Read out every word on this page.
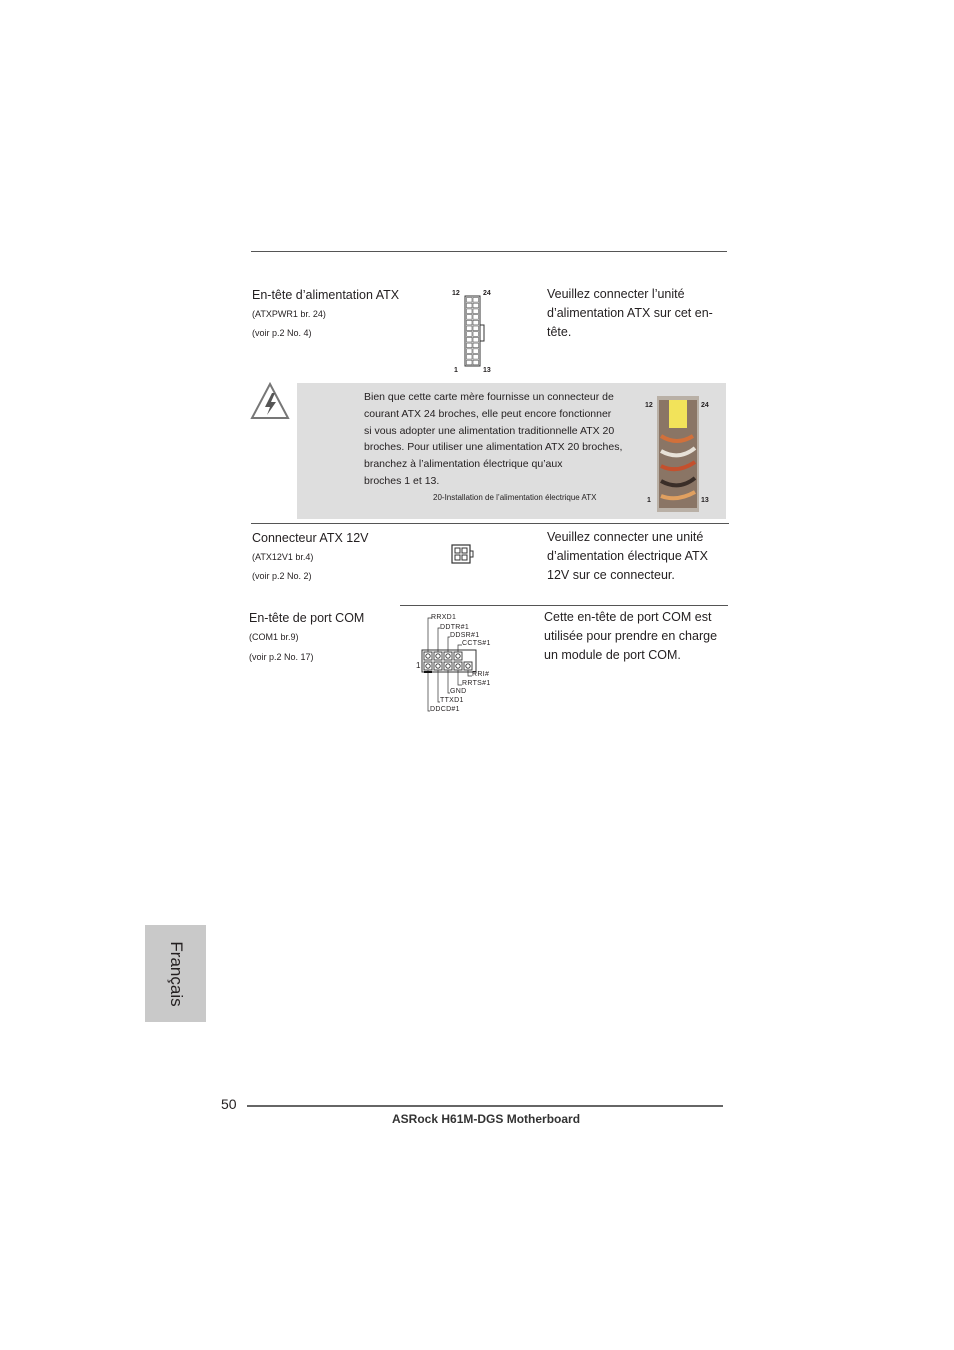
En-tête d’alimentation ATX
(ATXPWR1 br. 24)
(voir p.2 No. 4)
12	24
1	13
Veuillez connecter l’unité
d’alimentation ATX sur cet en-
tête.
Bien que cette carte mère fournisse un connecteur de
courant ATX 24 broches, elle peut encore fonctionner
si vous adopter une alimentation traditionnelle ATX 20
broches. Pour utiliser une alimentation ATX 20 broches,
branchez à l’alimentation électrique qu’aux
broches 1 et 13.
20-Installation de l’alimentation électrique ATX
12	24
1	13
Connecteur ATX 12V
(ATX12V1 br.4)
(voir p.2 No. 2)
Veuillez connecter une unité
d’alimentation électrique ATX
12V sur ce connecteur.
En-tête de port COM
(COM1 br.9)
(voir p.2 No. 17)
1
RRXD1
DDTR#1
DDSR#1
CCTS#1
RRI#
RRTS#1
GND
TTXD1
DDCD#1
Cette en-tête de port COM est
utilisée pour prendre en charge
un module de port COM.
Français
50
ASRock H61M-DGS Motherboard
